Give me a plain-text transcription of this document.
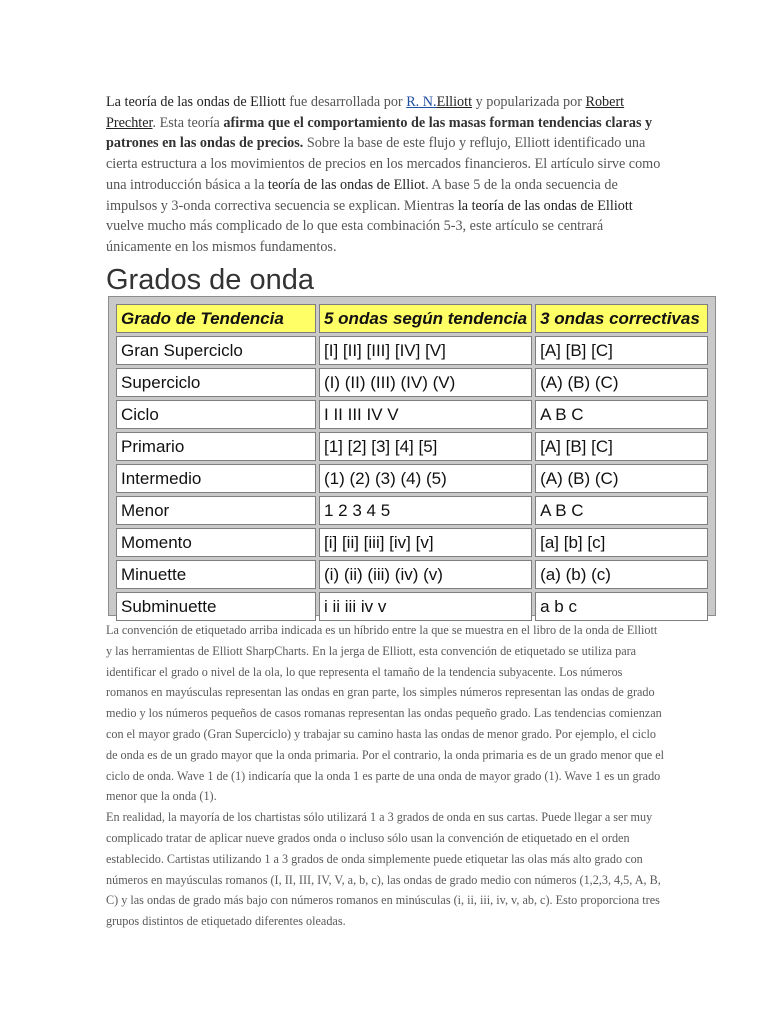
La teoría de las ondas de Elliott fue desarrollada por R. N.Elliott y popularizada por Robert Prechter. Esta teoría afirma que el comportamiento de las masas forman tendencias claras y patrones en las ondas de precios. Sobre la base de este flujo y reflujo, Elliott identificado una cierta estructura a los movimientos de precios en los mercados financieros. El artículo sirve como una introducción básica a la teoría de las ondas de Elliot. A base 5 de la onda secuencia de impulsos y 3-onda correctiva secuencia se explican. Mientras la teoría de las ondas de Elliott vuelve mucho más complicado de lo que esta combinación 5-3, este artículo se centrará únicamente en los mismos fundamentos.

Grados de onda
Grado de Tendencia	5 ondas según tendencia	3 ondas correctivas
Gran Superciclo	[I] [II] [III] [IV] [V]	[A] [B] [C]
Superciclo	(I) (II) (III) (IV) (V)	(A) (B) (C)
Ciclo	I II III IV V	A B C
Primario	[1] [2] [3] [4] [5]	[A] [B] [C]
Intermedio	(1) (2) (3) (4) (5)	(A) (B) (C)
Menor	1 2 3 4 5	A B C
Momento	[i] [ii] [iii] [iv] [v]	[a] [b] [c]
Minuette	(i) (ii) (iii) (iv) (v)	(a) (b) (c)
Subminuette	i ii iii iv v	a b c

La convención de etiquetado arriba indicada es un híbrido entre la que se muestra en el libro de la onda de Elliott y las herramientas de Elliott SharpCharts. En la jerga de Elliott, esta convención de etiquetado se utiliza para identificar el grado o nivel de la ola, lo que representa el tamaño de la tendencia subyacente. Los números romanos en mayúsculas representan las ondas en gran parte, los simples números representan las ondas de grado medio y los números pequeños de casos romanas representan las ondas pequeño grado. Las tendencias comienzan con el mayor grado (Gran Superciclo) y trabajar su camino hasta las ondas de menor grado. Por ejemplo, el ciclo de onda es de un grado mayor que la onda primaria. Por el contrario, la onda primaria es de un grado menor que el ciclo de onda. Wave 1 de (1) indicaría que la onda 1 es parte de una onda de mayor grado (1). Wave 1 es un grado menor que la onda (1).

En realidad, la mayoría de los chartistas sólo utilizará 1 a 3 grados de onda en sus cartas. Puede llegar a ser muy complicado tratar de aplicar nueve grados onda o incluso sólo usan la convención de etiquetado en el orden establecido. Cartistas utilizando 1 a 3 grados de onda simplemente puede etiquetar las olas más alto grado con números en mayúsculas romanos (I, II, III, IV, V, a, b, c), las ondas de grado medio con números (1,2,3, 4,5, A, B, C) y las ondas de grado más bajo con números romanos en minúsculas (i, ii, iii, iv, v, ab, c). Esto proporciona tres grupos distintos de etiquetado diferentes oleadas.
